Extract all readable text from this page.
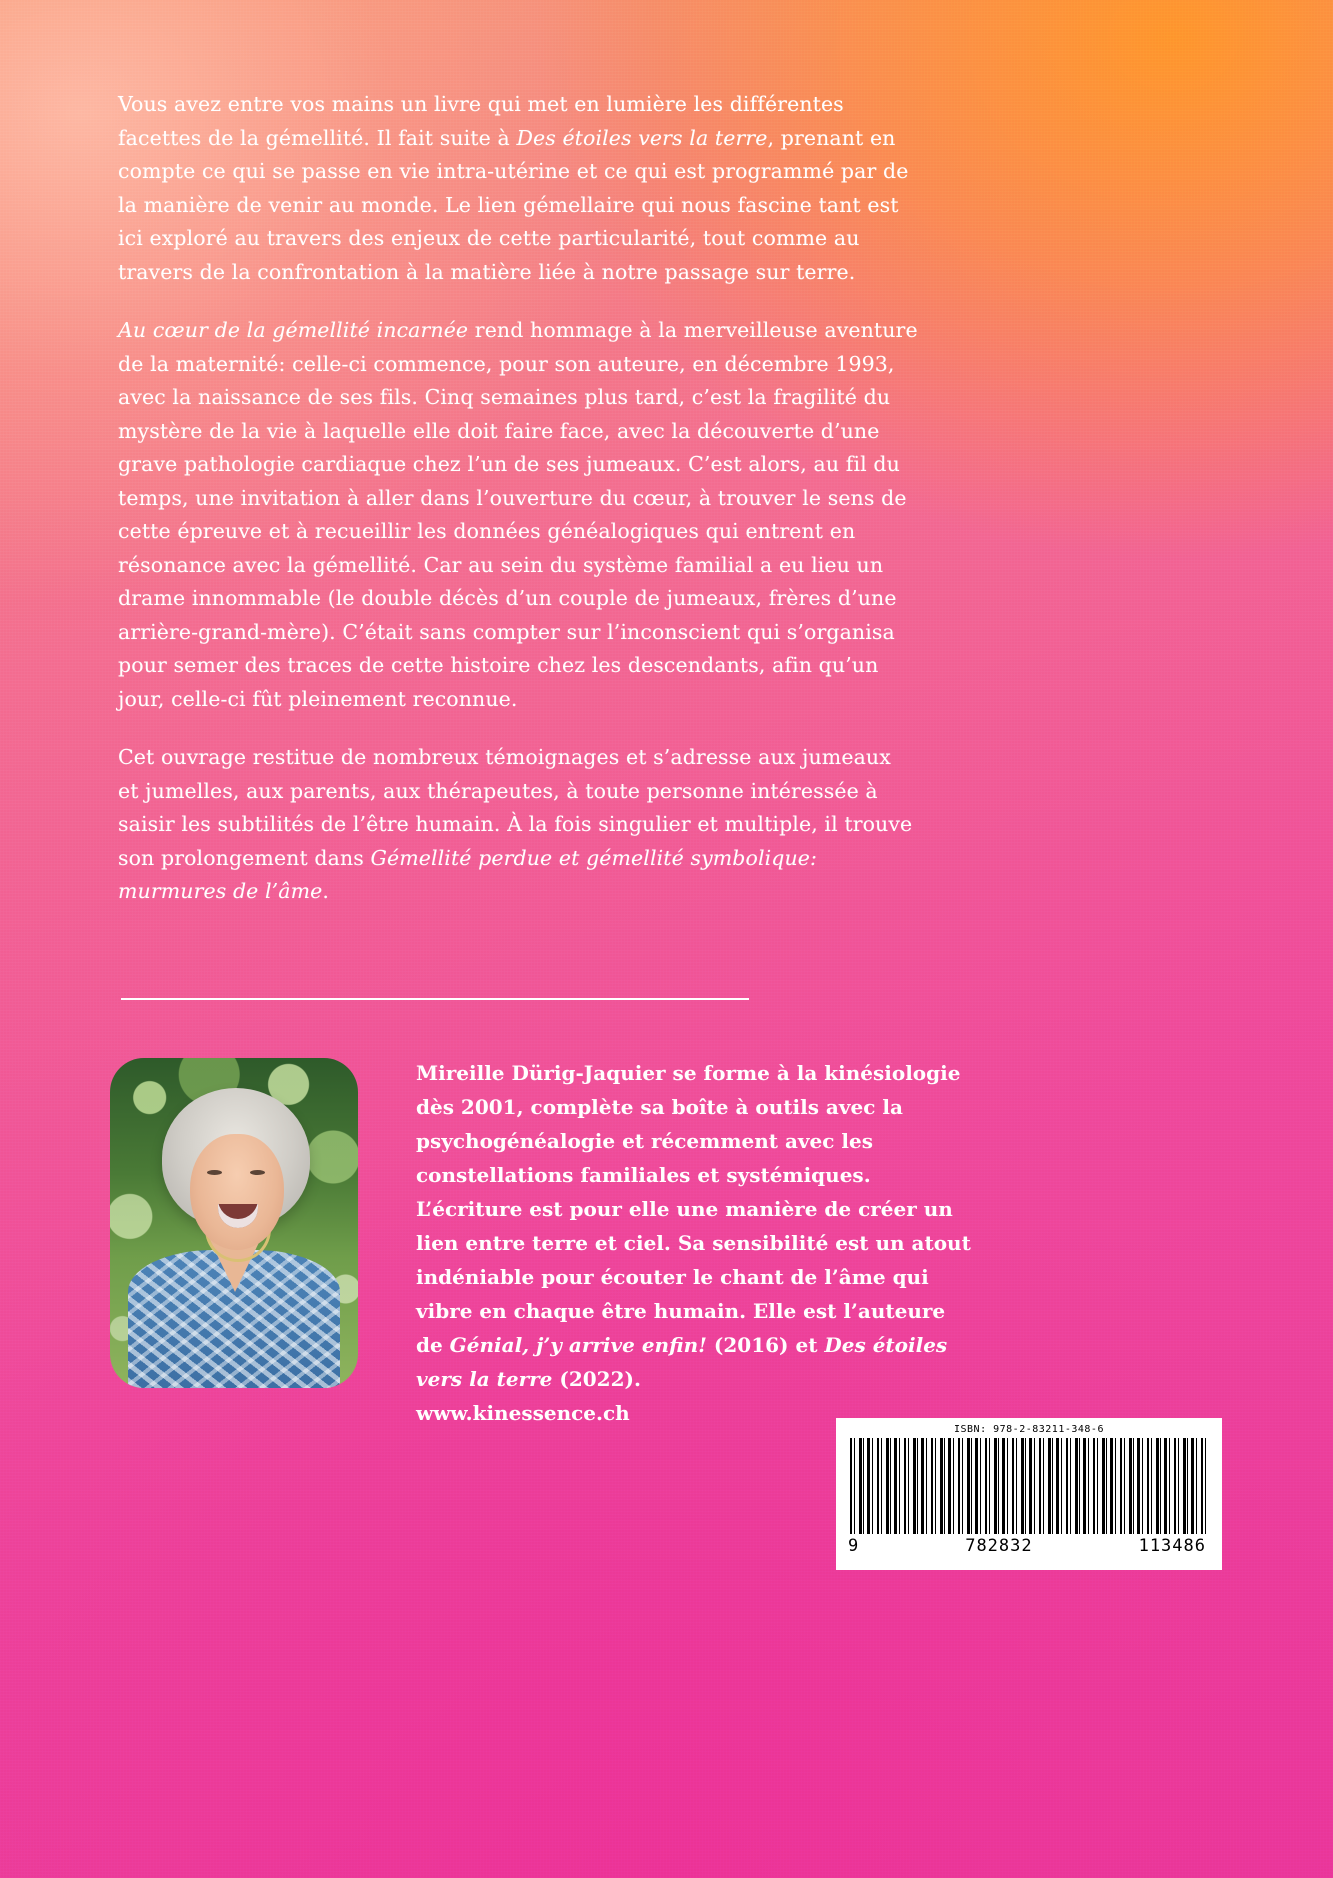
Vous avez entre vos mains un livre qui met en lumière les différentes facettes de la gémellité. Il fait suite à Des étoiles vers la terre, prenant en compte ce qui se passe en vie intra-utérine et ce qui est programmé par de la manière de venir au monde. Le lien gémellaire qui nous fascine tant est ici exploré au travers des enjeux de cette particularité, tout comme au travers de la confrontation à la matière liée à notre passage sur terre.

Au cœur de la gémellité incarnée rend hommage à la merveilleuse aventure de la maternité: celle-ci commence, pour son auteure, en décembre 1993, avec la naissance de ses fils. Cinq semaines plus tard, c’est la fragilité du mystère de la vie à laquelle elle doit faire face, avec la découverte d’une grave pathologie cardiaque chez l’un de ses jumeaux. C’est alors, au fil du temps, une invitation à aller dans l’ouverture du cœur, à trouver le sens de cette épreuve et à recueillir les données généalogiques qui entrent en résonance avec la gémellité. Car au sein du système familial a eu lieu un drame innommable (le double décès d’un couple de jumeaux, frères d’une arrière-grand-mère). C’était sans compter sur l’inconscient qui s’organisa pour semer des traces de cette histoire chez les descendants, afin qu’un jour, celle-ci fût pleinement reconnue.

Cet ouvrage restitue de nombreux témoignages et s’adresse aux jumeaux et jumelles, aux parents, aux thérapeutes, à toute personne intéressée à saisir les subtilités de l’être humain. À la fois singulier et multiple, il trouve son prolongement dans Gémellité perdue et gémellité symbolique: murmures de l’âme.

Mireille Dürig-Jaquier se forme à la kinésiologie dès 2001, complète sa boîte à outils avec la psychogénéalogie et récemment avec les constellations familiales et systémiques. L’écriture est pour elle une manière de créer un lien entre terre et ciel. Sa sensibilité est un atout indéniable pour écouter le chant de l’âme qui vibre en chaque être humain. Elle est l’auteure de Génial, j’y arrive enfin! (2016) et Des étoiles vers la terre (2022).
www.kinessence.ch
ISBN: 978-2-83211-348-6
9	782832	113486
